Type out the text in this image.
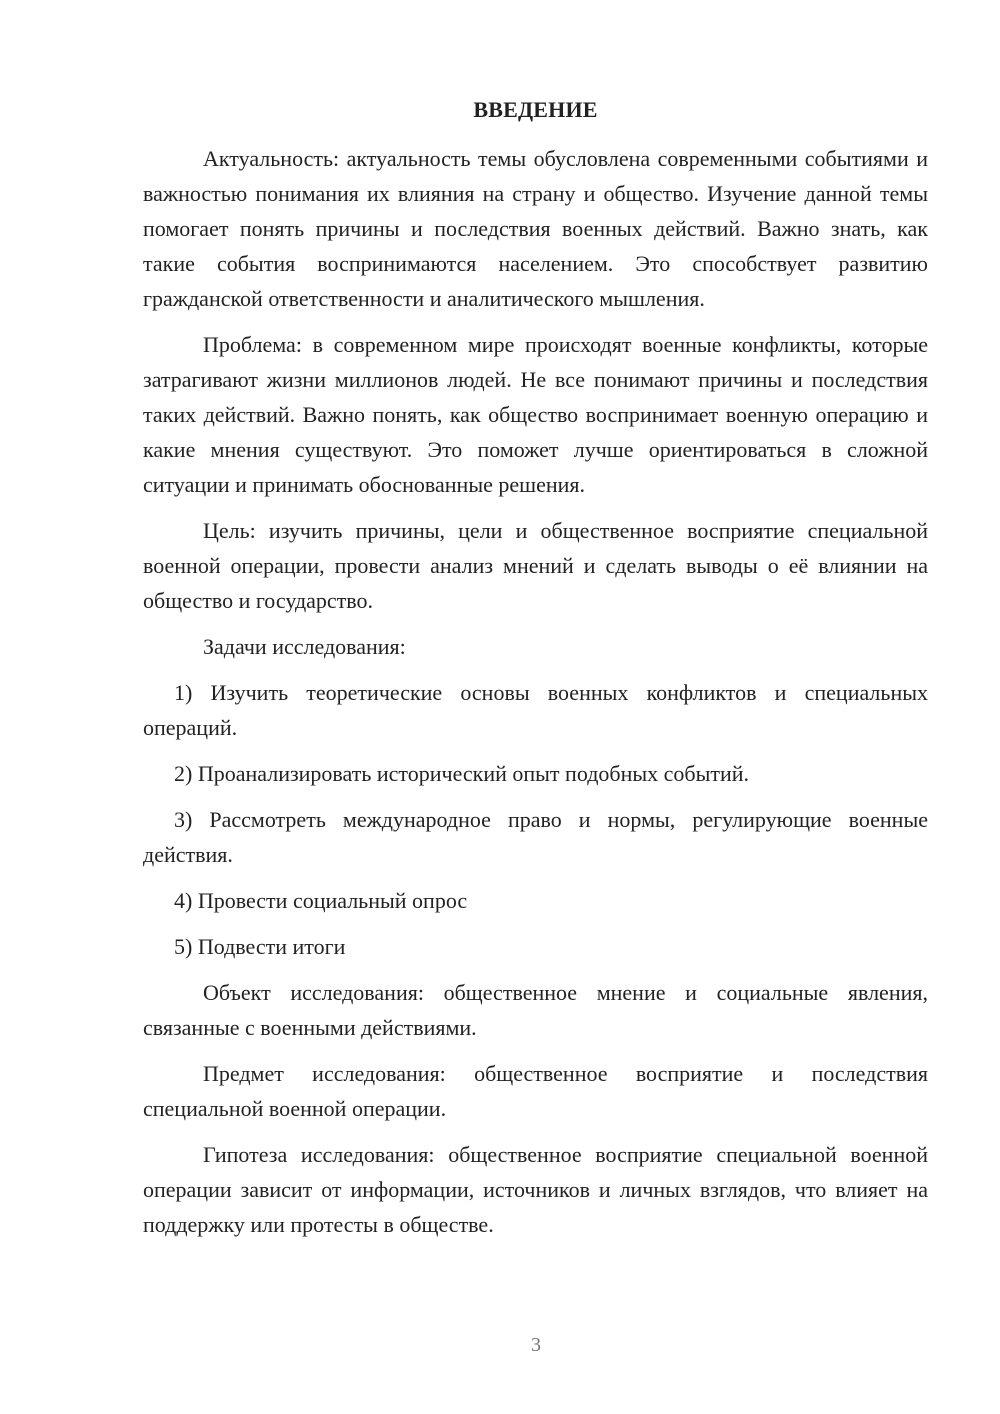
ВВЕДЕНИЕ

Актуальность: актуальность темы обусловлена современными событиями и важностью понимания их влияния на страну и общество. Изучение данной темы помогает понять причины и последствия военных действий. Важно знать, как такие события воспринимаются населением. Это способствует развитию гражданской ответственности и аналитического мышления.

Проблема: в современном мире происходят военные конфликты, которые затрагивают жизни миллионов людей. Не все понимают причины и последствия таких действий. Важно понять, как общество воспринимает военную операцию и какие мнения существуют. Это поможет лучше ориентироваться в сложной ситуации и принимать обоснованные решения.

Цель: изучить причины, цели и общественное восприятие специальной военной операции, провести анализ мнений и сделать выводы о её влиянии на общество и государство.

Задачи исследования:

1) Изучить теоретические основы военных конфликтов и специальных операций.

2) Проанализировать исторический опыт подобных событий.

3) Рассмотреть международное право и нормы, регулирующие военные действия.

4) Провести социальный опрос

5) Подвести итоги

Объект исследования: общественное мнение и социальные явления, связанные с военными действиями.

Предмет исследования: общественное восприятие и последствия специальной военной операции.

Гипотеза исследования: общественное восприятие специальной военной операции зависит от информации, источников и личных взглядов, что влияет на поддержку или протесты в обществе.

3
